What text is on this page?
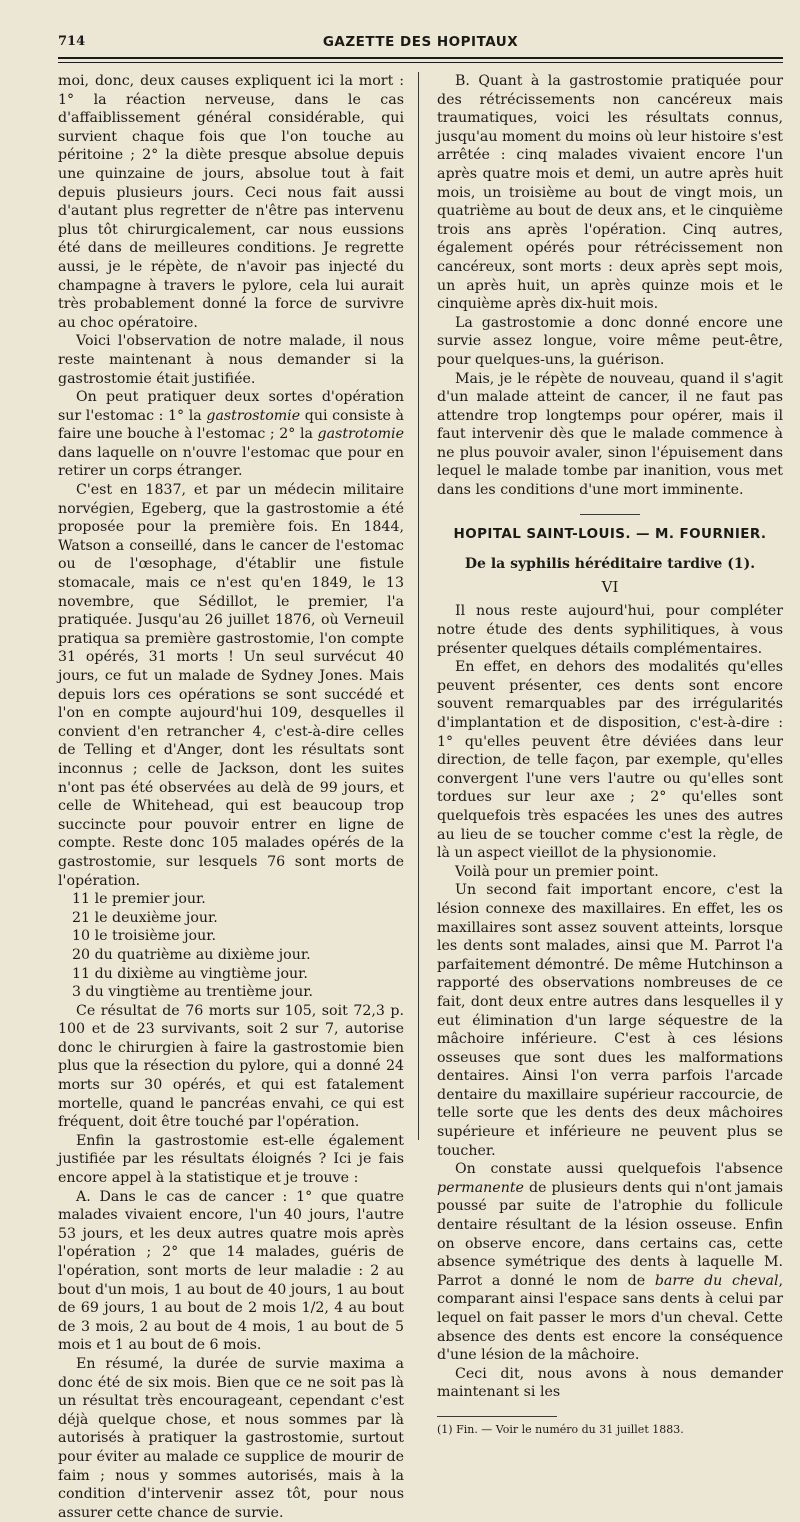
714	GAZETTE DES HOPITAUX

moi, donc, deux causes expliquent ici la mort : 1° la réaction nerveuse, dans le cas d'affaiblissement général considérable, qui survient chaque fois que l'on touche au péritoine ; 2° la diète presque absolue depuis une quinzaine de jours, absolue tout à fait depuis plusieurs jours. Ceci nous fait aussi d'autant plus regretter de n'être pas intervenu plus tôt chirurgicalement, car nous eussions été dans de meilleures conditions. Je regrette aussi, je le répète, de n'avoir pas injecté du champagne à travers le pylore, cela lui aurait très probablement donné la force de survivre au choc opératoire.

Voici l'observation de notre malade, il nous reste maintenant à nous demander si la gastrostomie était justifiée.

On peut pratiquer deux sortes d'opération sur l'estomac : 1° la gastrostomie qui consiste à faire une bouche à l'estomac ; 2° la gastrotomie dans laquelle on n'ouvre l'estomac que pour en retirer un corps étranger.

C'est en 1837, et par un médecin militaire norvégien, Egeberg, que la gastrostomie a été proposée pour la première fois. En 1844, Watson a conseillé, dans le cancer de l'estomac ou de l'œsophage, d'établir une fistule stomacale, mais ce n'est qu'en 1849, le 13 novembre, que Sédillot, le premier, l'a pratiquée. Jusqu'au 26 juillet 1876, où Verneuil pratiqua sa première gastrostomie, l'on compte 31 opérés, 31 morts ! Un seul survécut 40 jours, ce fut un malade de Sydney Jones. Mais depuis lors ces opérations se sont succédé et l'on en compte aujourd'hui 109, desquelles il convient d'en retrancher 4, c'est-à-dire celles de Telling et d'Anger, dont les résultats sont inconnus ; celle de Jackson, dont les suites n'ont pas été observées au delà de 99 jours, et celle de Whitehead, qui est beaucoup trop succincte pour pouvoir entrer en ligne de compte. Reste donc 105 malades opérés de la gastrostomie, sur lesquels 76 sont morts de l'opération.

11 le premier jour.

21 le deuxième jour.

10 le troisième jour.

20 du quatrième au dixième jour.

11 du dixième au vingtième jour.

3 du vingtième au trentième jour.

Ce résultat de 76 morts sur 105, soit 72,3 p. 100 et de 23 survivants, soit 2 sur 7, autorise donc le chirurgien à faire la gastrostomie bien plus que la résection du pylore, qui a donné 24 morts sur 30 opérés, et qui est fatalement mortelle, quand le pancréas envahi, ce qui est fréquent, doit être touché par l'opération.

Enfin la gastrostomie est-elle également justifiée par les résultats éloignés ? Ici je fais encore appel à la statistique et je trouve :

A. Dans le cas de cancer : 1° que quatre malades vivaient encore, l'un 40 jours, l'autre 53 jours, et les deux autres quatre mois après l'opération ; 2° que 14 malades, guéris de l'opération, sont morts de leur maladie : 2 au bout d'un mois, 1 au bout de 40 jours, 1 au bout de 69 jours, 1 au bout de 2 mois 1/2, 4 au bout de 3 mois, 2 au bout de 4 mois, 1 au bout de 5 mois et 1 au bout de 6 mois.

En résumé, la durée de survie maxima a donc été de six mois. Bien que ce ne soit pas là un résultat très encourageant, cependant c'est déjà quelque chose, et nous sommes par là autorisés à pratiquer la gastrostomie, surtout pour éviter au malade ce supplice de mourir de faim ; nous y sommes autorisés, mais à la condition d'intervenir assez tôt, pour nous assurer cette chance de survie.

B. Quant à la gastrostomie pratiquée pour des rétrécissements non cancéreux mais traumatiques, voici les résultats connus, jusqu'au moment du moins où leur histoire s'est arrêtée : cinq malades vivaient encore l'un après quatre mois et demi, un autre après huit mois, un troisième au bout de vingt mois, un quatrième au bout de deux ans, et le cinquième trois ans après l'opération. Cinq autres, également opérés pour rétrécissement non cancéreux, sont morts : deux après sept mois, un après huit, un après quinze mois et le cinquième après dix-huit mois.

La gastrostomie a donc donné encore une survie assez longue, voire même peut-être, pour quelques-uns, la guérison.

Mais, je le répète de nouveau, quand il s'agit d'un malade atteint de cancer, il ne faut pas attendre trop longtemps pour opérer, mais il faut intervenir dès que le malade commence à ne plus pouvoir avaler, sinon l'épuisement dans lequel le malade tombe par inanition, vous met dans les conditions d'une mort imminente.

HOPITAL SAINT-LOUIS. — M. FOURNIER.
De la syphilis héréditaire tardive (1).
VI

Il nous reste aujourd'hui, pour compléter notre étude des dents syphilitiques, à vous présenter quelques détails complémentaires.

En effet, en dehors des modalités qu'elles peuvent présenter, ces dents sont encore souvent remarquables par des irrégularités d'implantation et de disposition, c'est-à-dire : 1° qu'elles peuvent être déviées dans leur direction, de telle façon, par exemple, qu'elles convergent l'une vers l'autre ou qu'elles sont tordues sur leur axe ; 2° qu'elles sont quelquefois très espacées les unes des autres au lieu de se toucher comme c'est la règle, de là un aspect vieillot de la physionomie.

Voilà pour un premier point.

Un second fait important encore, c'est la lésion connexe des maxillaires. En effet, les os maxillaires sont assez souvent atteints, lorsque les dents sont malades, ainsi que M. Parrot l'a parfaitement démontré. De même Hutchinson a rapporté des observations nombreuses de ce fait, dont deux entre autres dans lesquelles il y eut élimination d'un large séquestre de la mâchoire inférieure. C'est à ces lésions osseuses que sont dues les malformations dentaires. Ainsi l'on verra parfois l'arcade dentaire du maxillaire supérieur raccourcie, de telle sorte que les dents des deux mâchoires supérieure et inférieure ne peuvent plus se toucher.

On constate aussi quelquefois l'absence permanente de plusieurs dents qui n'ont jamais poussé par suite de l'atrophie du follicule dentaire résultant de la lésion osseuse. Enfin on observe encore, dans certains cas, cette absence symétrique des dents à laquelle M. Parrot a donné le nom de barre du cheval, comparant ainsi l'espace sans dents à celui par lequel on fait passer le mors d'un cheval. Cette absence des dents est encore la conséquence d'une lésion de la mâchoire.

Ceci dit, nous avons à nous demander maintenant si les

(1) Fin. — Voir le numéro du 31 juillet 1883.
